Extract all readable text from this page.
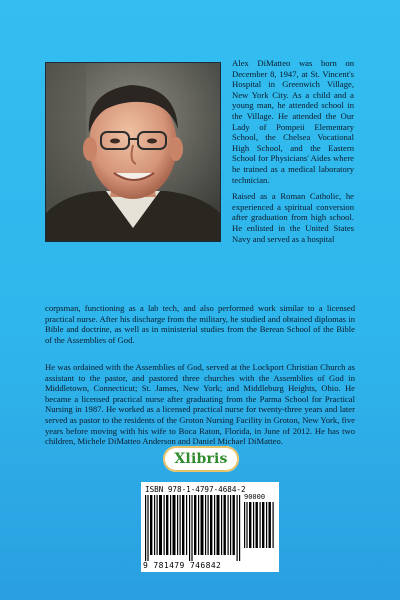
Alex DiMatteo was born on December 8, 1947, at St. Vincent's Hospital in Greenwich Village, New York City. As a child and a young man, he attended school in the Village. He attended the Our Lady of Pompeii Elementary School, the Chelsea Vocational High School, and the Eastern School for Physicians' Aides where he trained as a medical laboratory technician.

Raised as a Roman Catholic, he experienced a spiritual conversion after graduation from high school. He enlisted in the United States Navy and served as a hospital

corpsman, functioning as a lab tech, and also performed work similar to a licensed practical nurse. After his discharge from the military, he studied and obtained diplomas in Bible and doctrine, as well as in ministerial studies from the Berean School of the Bible of the Assemblies of God.

He was ordained with the Assemblies of God, served at the Lockport Christian Church as assistant to the pastor, and pastored three churches with the Assemblies of God in Middletown, Connecticut; St. James, New York; and Middleburg Heights, Ohio. He became a licensed practical nurse after graduating from the Parma School for Practical Nursing in 1987. He worked as a licensed practical nurse for twenty-three years and later served as pastor to the residents of the Groton Nursing Facility in Groton, New York, five years before moving with his wife to Boca Raton, Florida, in June of 2012. He has two children, Michele DiMatteo Anderson and Daniel Michael DiMatteo.

Xlibris
ISBN 978-1-4797-4684-2
90000
9 781479 746842
